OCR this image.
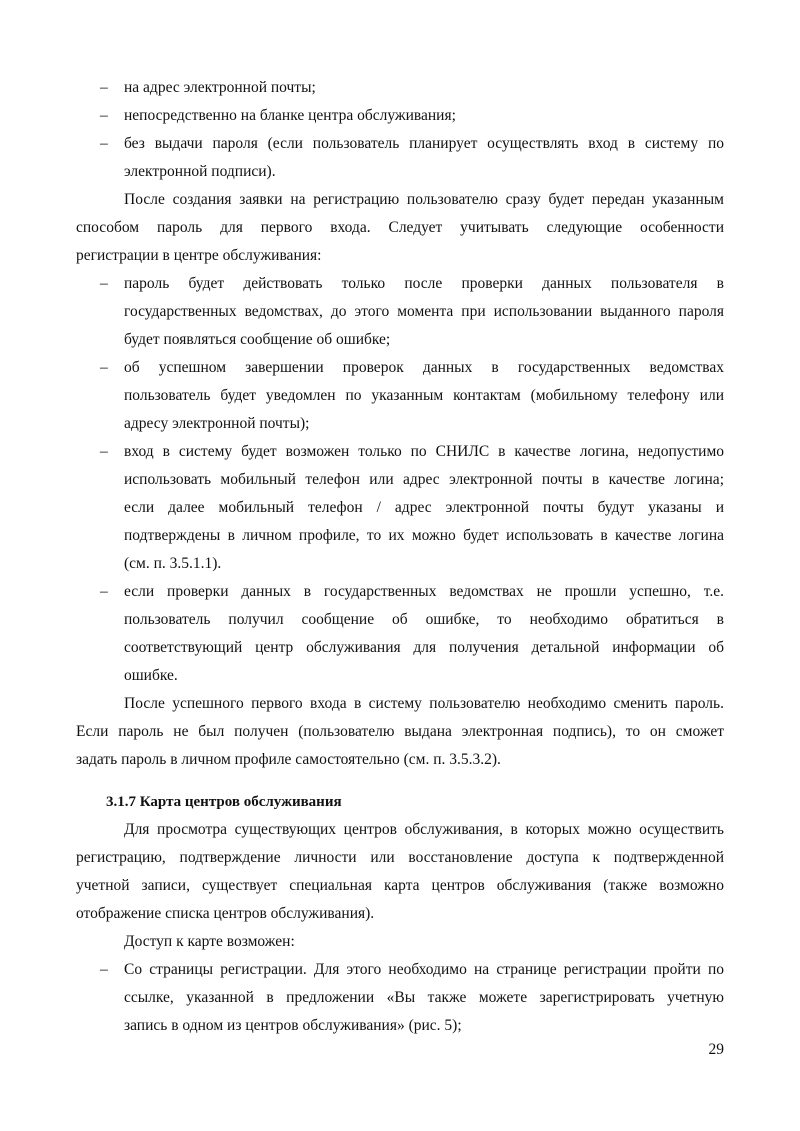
– на адрес электронной почты;
– непосредственно на бланке центра обслуживания;
– без выдачи пароля (если пользователь планирует осуществлять вход в систему по
электронной подписи).
После создания заявки на регистрацию пользователю сразу будет передан указанным
способом пароль для первого входа. Следует учитывать следующие особенности
регистрации в центре обслуживания:
– пароль будет действовать только после проверки данных пользователя в
государственных ведомствах, до этого момента при использовании выданного пароля
будет появляться сообщение об ошибке;
– об успешном завершении проверок данных в государственных ведомствах
пользователь будет уведомлен по указанным контактам (мобильному телефону или
адресу электронной почты);
– вход в систему будет возможен только по СНИЛС в качестве логина, недопустимо
использовать мобильный телефон или адрес электронной почты в качестве логина;
если далее мобильный телефон / адрес электронной почты будут указаны и
подтверждены в личном профиле, то их можно будет использовать в качестве логина
(см. п. 3.5.1.1).
– если проверки данных в государственных ведомствах не прошли успешно, т.е.
пользователь получил сообщение об ошибке, то необходимо обратиться в
соответствующий центр обслуживания для получения детальной информации об
ошибке.
После успешного первого входа в систему пользователю необходимо сменить пароль.
Если пароль не был получен (пользователю выдана электронная подпись), то он сможет
задать пароль в личном профиле самостоятельно (см. п. 3.5.3.2).
3.1.7 Карта центров обслуживания
Для просмотра существующих центров обслуживания, в которых можно осуществить
регистрацию, подтверждение личности или восстановление доступа к подтвержденной
учетной записи, существует специальная карта центров обслуживания (также возможно
отображение списка центров обслуживания).
Доступ к карте возможен:
– Со страницы регистрации. Для этого необходимо на странице регистрации пройти по
ссылке, указанной в предложении «Вы также можете зарегистрировать учетную
запись в одном из центров обслуживания» (рис. 5);
29
